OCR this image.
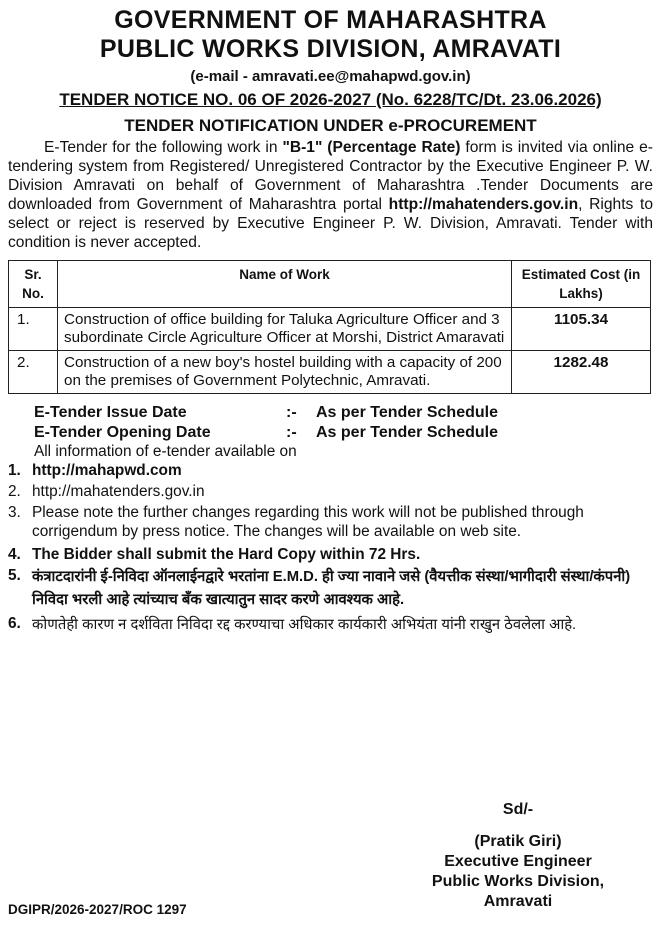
GOVERNMENT OF MAHARASHTRA
PUBLIC WORKS DIVISION, AMRAVATI
(e-mail - amravati.ee@mahapwd.gov.in)
TENDER NOTICE NO. 06 OF 2026-2027 (No. 6228/TC/Dt. 23.06.2026)
TENDER NOTIFICATION UNDER e-PROCUREMENT

E-Tender for the following work in "B-1" (Percentage Rate) form is invited via online e-tendering system from Registered/ Unregistered Contractor by the Executive Engineer P. W. Division Amravati on behalf of Government of Maharashtra .Tender Documents are downloaded from Government of Maharashtra portal http://mahatenders.gov.in, Rights to select or reject is reserved by Executive Engineer P. W. Division, Amravati. Tender with condition is never accepted.

Sr. No.	Name of Work	Estimated Cost (in Lakhs)
1.	Construction of office building for Taluka Agriculture Officer and 3 subordinate Circle Agriculture Officer at Morshi, District Amaravati	1105.34
2.	Construction of a new boy's hostel building with a capacity of 200 on the premises of Government Polytechnic, Amravati.	1282.48
E-Tender Issue Date	:-	As per Tender Schedule
E-Tender Opening Date	:-	As per Tender Schedule
All information of e-tender available on
1. http://mahapwd.com
2. http://mahatenders.gov.in
3. Please note the further changes regarding this work will not be published through corrigendum by press notice. The changes will be available on web site.
4. The Bidder shall submit the Hard Copy within 72 Hrs.
5. कंत्राटदारांनी ई-निविदा ऑनलाईनद्वारे भरतांना E.M.D. ही ज्या नावाने जसे (वैयत्तीक संस्था/भागीदारी संस्था/कंपनी) निविदा भरली आहे त्यांच्याच बँक खात्यातुन सादर करणे आवश्यक आहे.
6. कोणतेही कारण न दर्शविता निविदा रद्द करण्याचा अधिकार कार्यकारी अभियंता यांनी राखुन ठेवलेला आहे.
Sd/-
(Pratik Giri)
Executive Engineer
Public Works Division,
Amravati
DGIPR/2026-2027/ROC 1297
